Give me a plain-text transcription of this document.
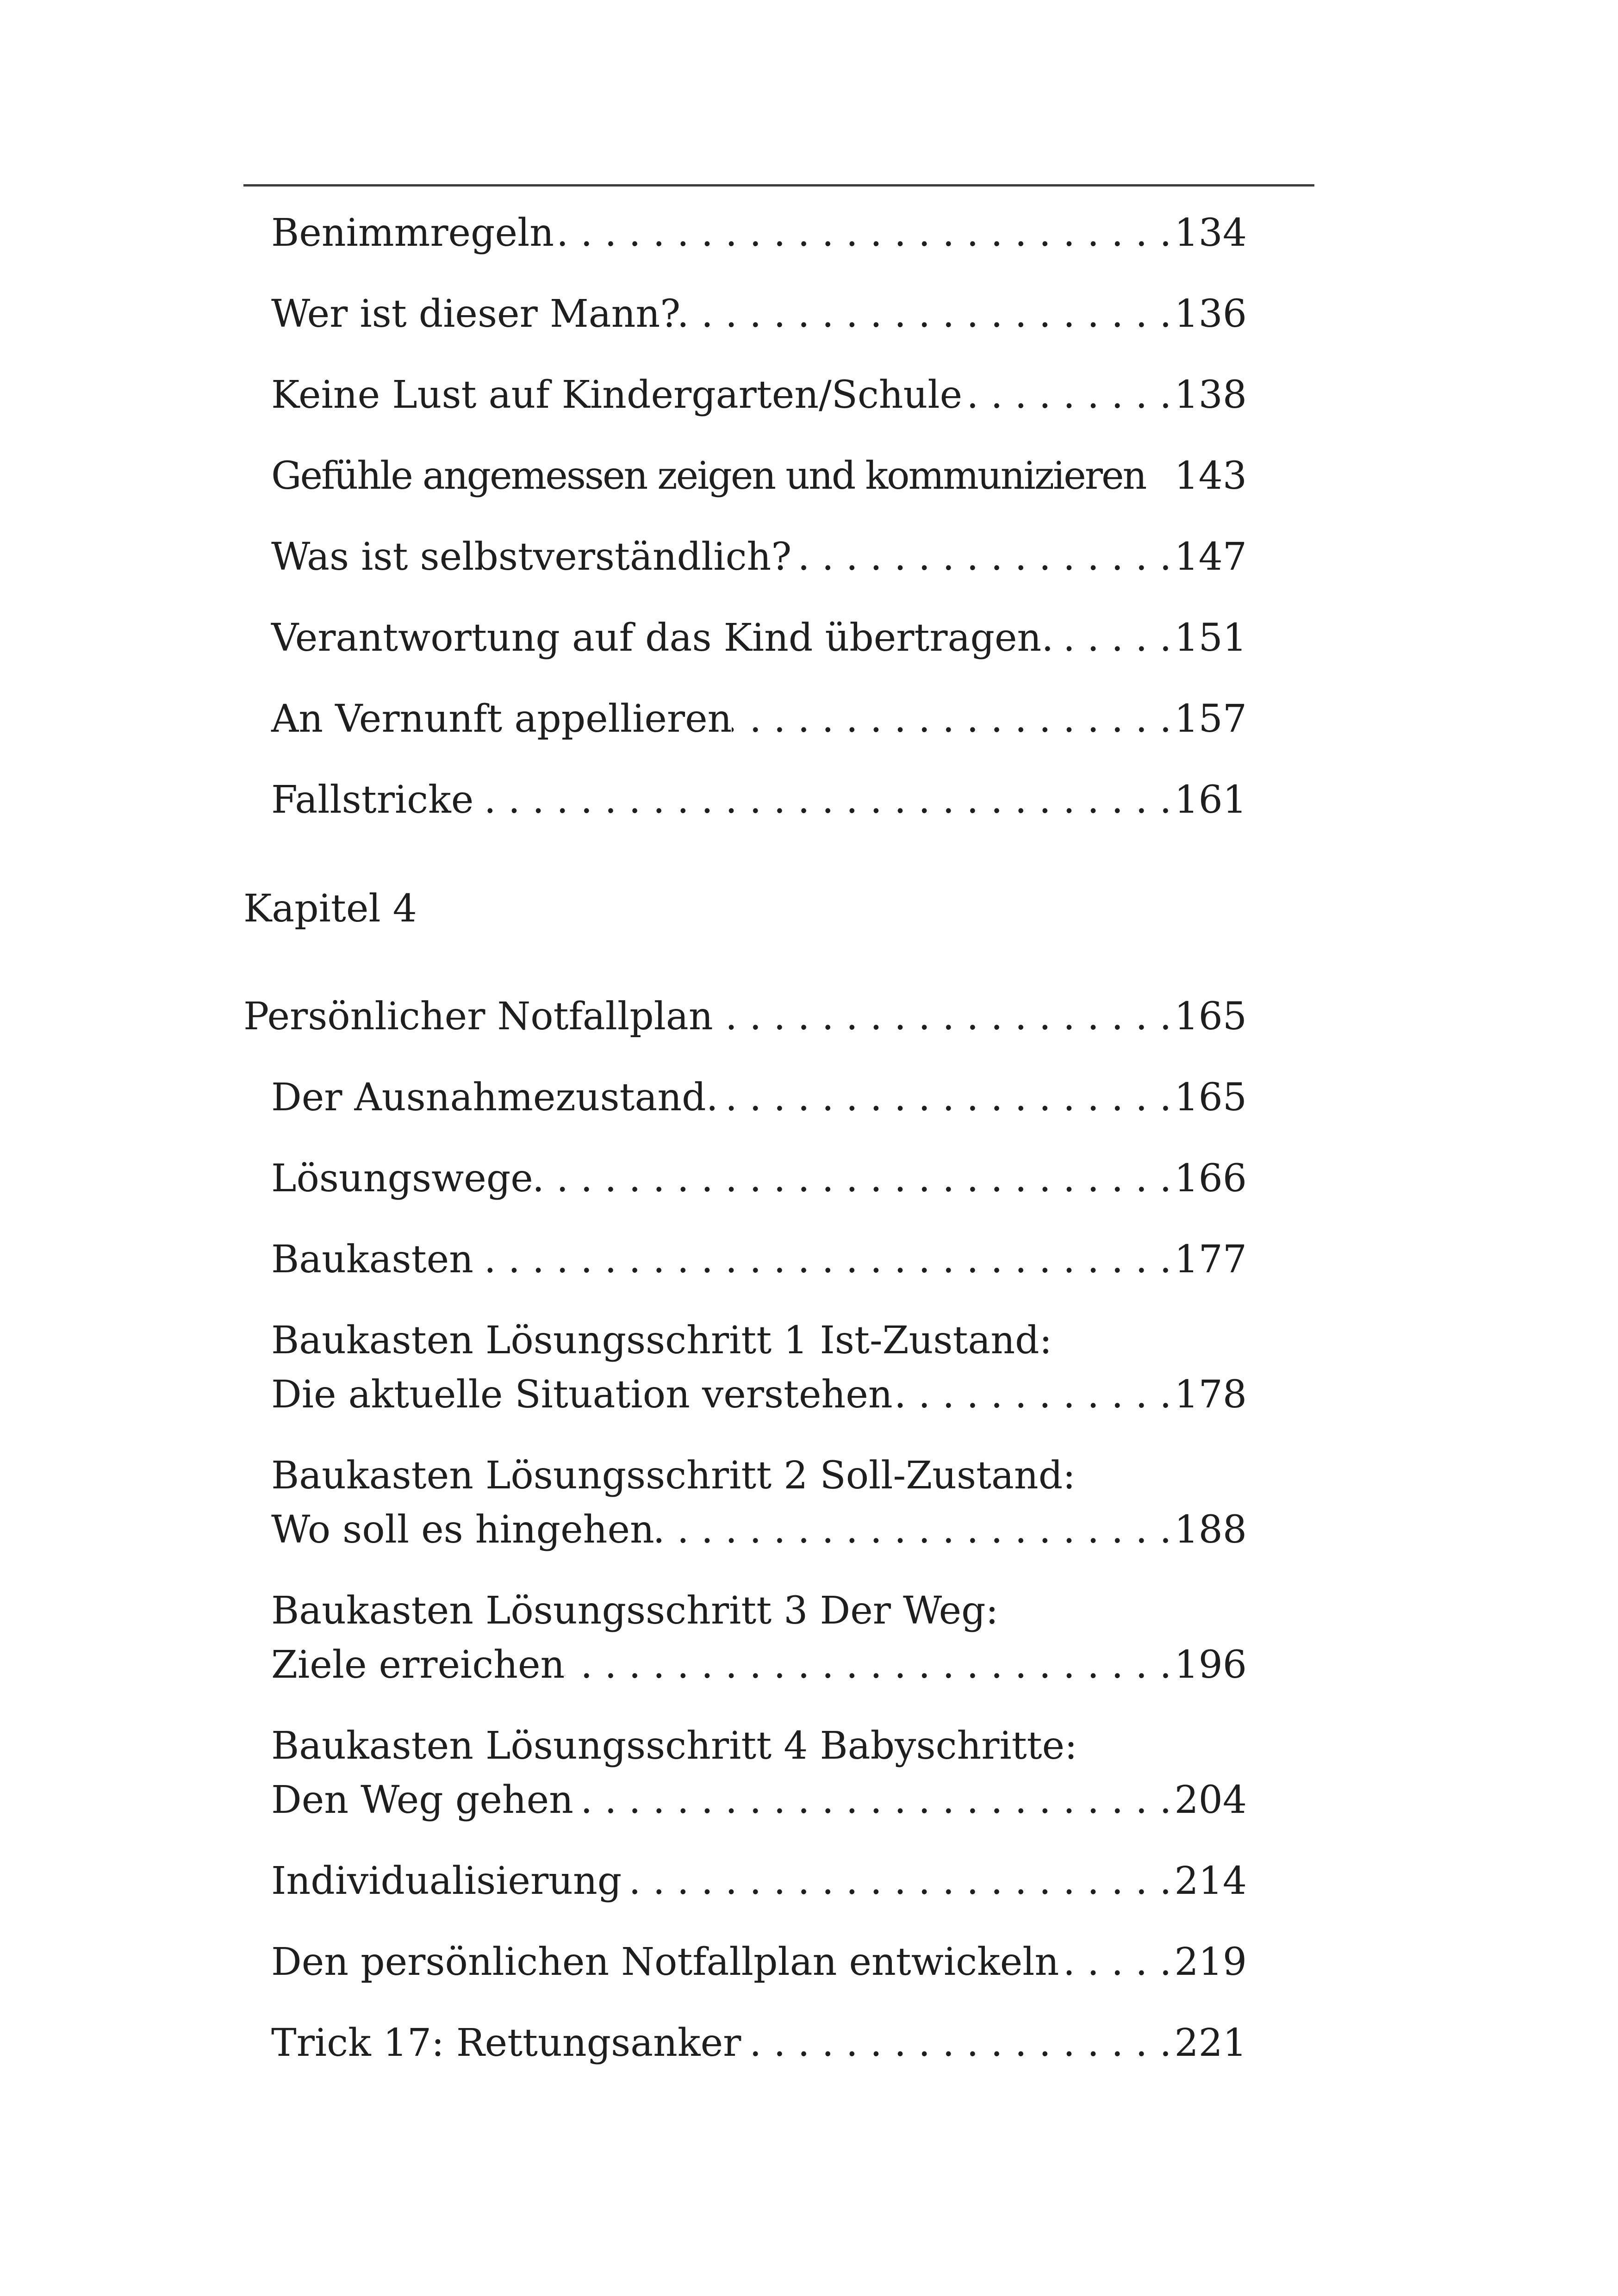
Benimmregeln . .	134
Wer ist dieser Mann? . .	136
Keine Lust auf Kindergarten/Schule . .	138
Gefühle angemessen zeigen und kommunizieren 143
Was ist selbstverständlich? . .	147
Verantwortung auf das Kind übertragen. . .	151
An Vernunft appellieren . .	157
Fallstricke . .	161
Kapitel 4
Persönlicher Notfallplan . .	165
Der Ausnahmezustand. . .	165
Lösungswege . .	166
Baukasten . .	177
Baukasten Lösungsschritt 1 Ist-Zustand:
Die aktuelle Situation verstehen . .	178
Baukasten Lösungsschritt 2 Soll-Zustand:
Wo soll es hingehen . .	188
Baukasten Lösungsschritt 3 Der Weg:
Ziele erreichen . .	196
Baukasten Lösungsschritt 4 Babyschritte:
Den Weg gehen . .	204
Individualisierung . .	214
Den persönlichen Notfallplan entwickeln . .	219
Trick 17: Rettungsanker . .	221
